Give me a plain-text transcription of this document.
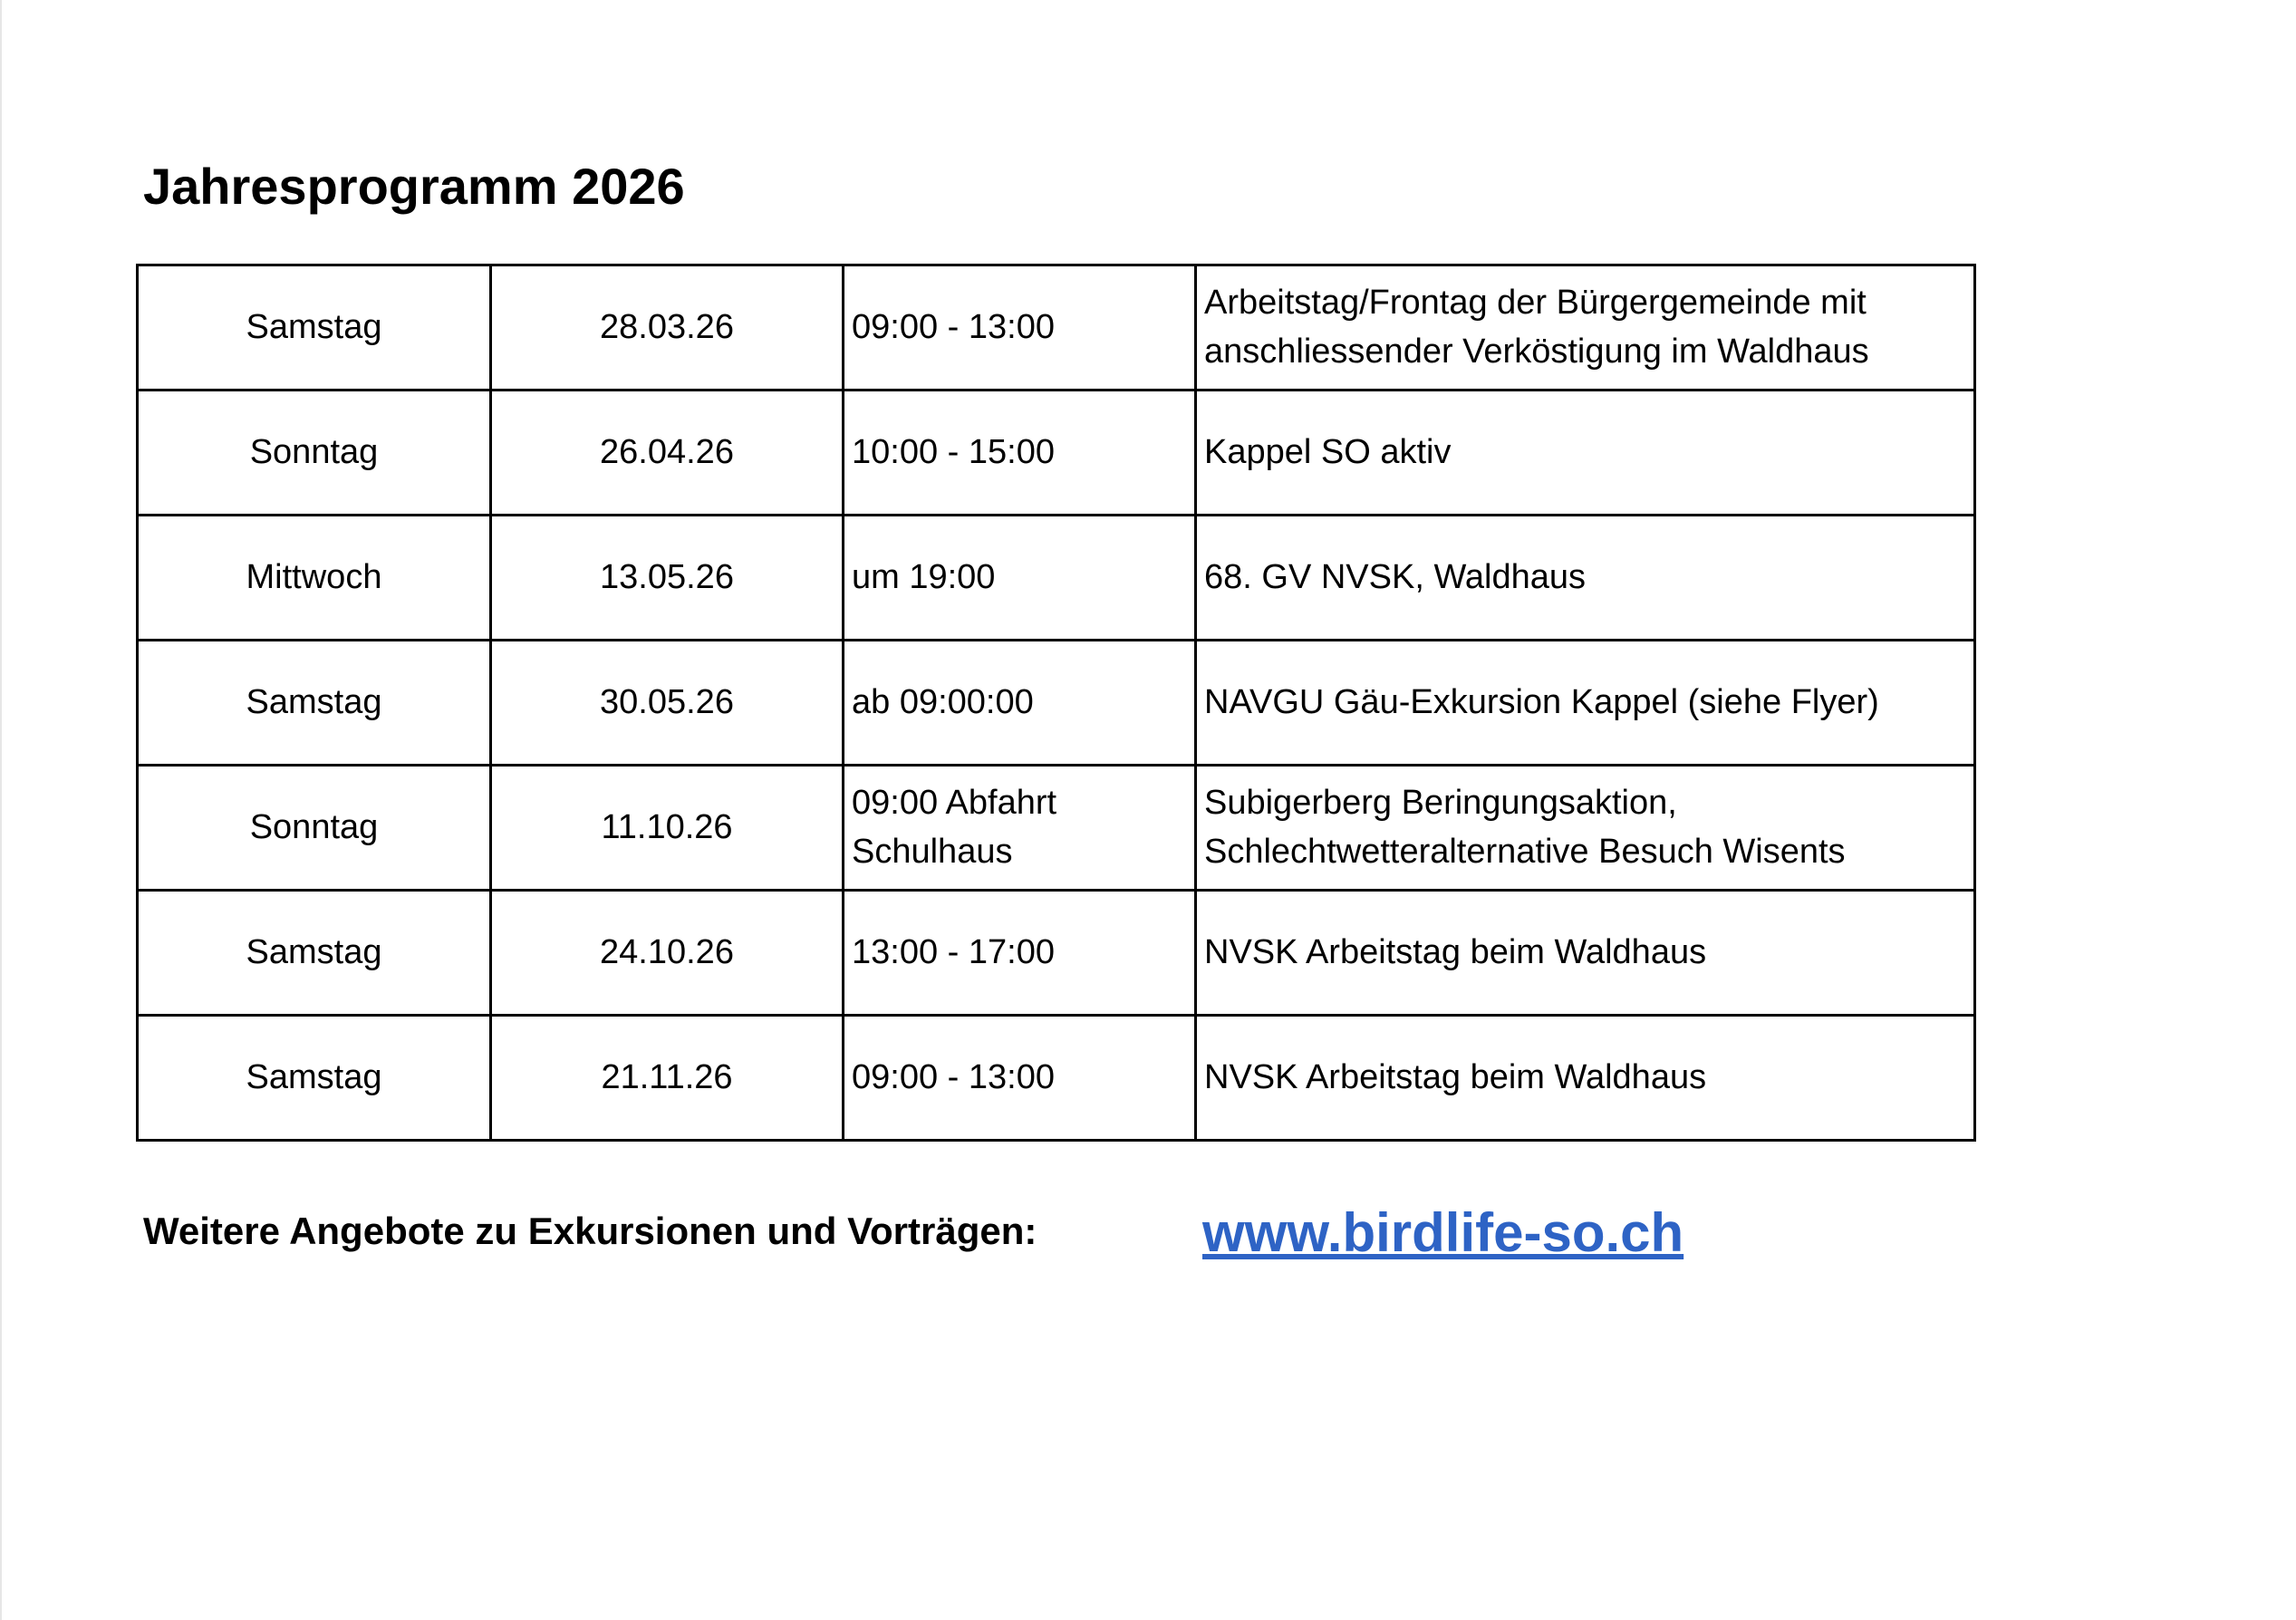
Jahresprogramm 2026
Samstag	28.03.26	09:00 - 13:00	Arbeitstag/Frontag der Bürgergemeinde mit anschliessender Verköstigung im Waldhaus
Sonntag	26.04.26	10:00 - 15:00	Kappel SO aktiv
Mittwoch	13.05.26	um 19:00	68. GV NVSK, Waldhaus
Samstag	30.05.26	ab 09:00:00	NAVGU Gäu-Exkursion Kappel (siehe Flyer)
Sonntag	11.10.26	09:00 Abfahrt Schulhaus	Subigerberg Beringungsaktion, Schlechtwetteralternative Besuch Wisents
Samstag	24.10.26	13:00 - 17:00	NVSK Arbeitstag beim Waldhaus
Samstag	21.11.26	09:00 - 13:00	NVSK Arbeitstag beim Waldhaus
Weitere Angebote zu Exkursionen und Vorträgen:	www.birdlife-so.ch
